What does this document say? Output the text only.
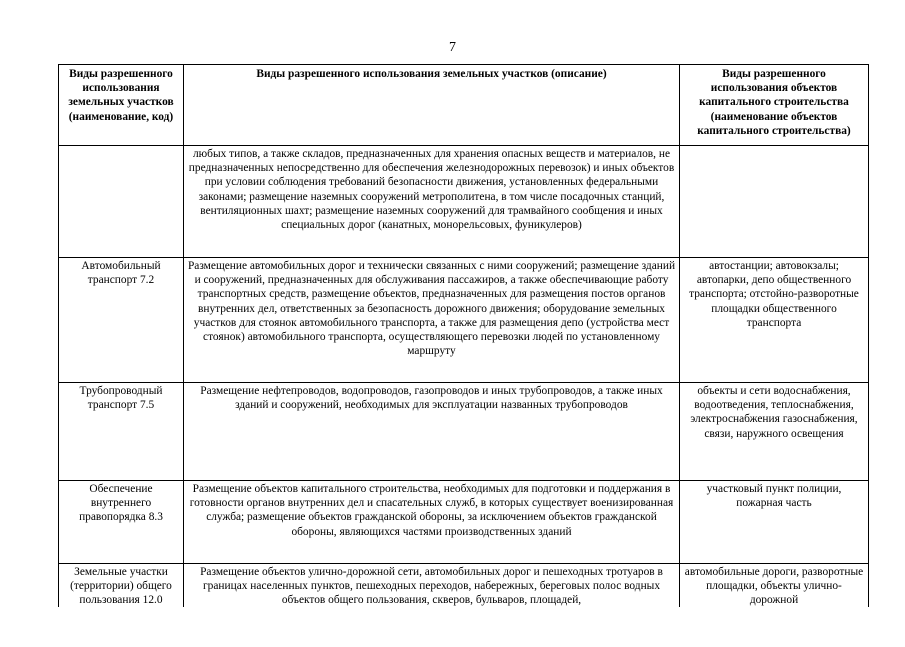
7
Виды разрешенного использования земельных участков (наименование, код)	Виды разрешенного использования земельных участков (описание)	Виды разрешенного использования объектов капитального строительства (наименование объектов капитального строительства)
	любых типов, а также складов, предназначенных для хранения опасных веществ и материалов, не предназначенных непосредственно для обеспечения железнодорожных перевозок) и иных объектов при условии соблюдения требований безопасности движения, установленных федеральными законами; размещение наземных сооружений метрополитена, в том числе посадочных станций, вентиляционных шахт; размещение наземных сооружений для трамвайного сообщения и иных специальных дорог (канатных, монорельсовых, фуникулеров)	
Автомобильный транспорт 7.2	Размещение автомобильных дорог и технически связанных с ними сооружений; размещение зданий и сооружений, предназначенных для обслуживания пассажиров, а также обеспечивающие работу транспортных средств, размещение объектов, предназначенных для размещения постов органов внутренних дел, ответственных за безопасность дорожного движения; оборудование земельных участков для стоянок автомобильного транспорта, а также для размещения депо (устройства мест стоянок) автомобильного транспорта, осуществляющего перевозки людей по установленному маршруту	автостанции; автовокзалы; автопарки, депо общественного транспорта; отстойно-разворотные площадки общественного транспорта
Трубопроводный транспорт 7.5	Размещение нефтепроводов, водопроводов, газопроводов и иных трубопроводов, а также иных зданий и сооружений, необходимых для эксплуатации названных трубопроводов	объекты и сети водоснабжения, водоотведения, теплоснабжения, электроснабжения газоснабжения, связи, наружного освещения
Обеспечение внутреннего правопорядка 8.3	Размещение объектов капитального строительства, необходимых для подготовки и поддержания в готовности органов внутренних дел и спасательных служб, в которых существует военизированная служба; размещение объектов гражданской обороны, за исключением объектов гражданской обороны, являющихся частями производственных зданий	участковый пункт полиции, пожарная часть
Земельные участки (территории) общего пользования 12.0	Размещение объектов улично-дорожной сети, автомобильных дорог и пешеходных тротуаров в границах населенных пунктов, пешеходных переходов, набережных, береговых полос водных объектов общего пользования, скверов, бульваров, площадей,	автомобильные дороги, разворотные площадки, объекты улично-дорожной
